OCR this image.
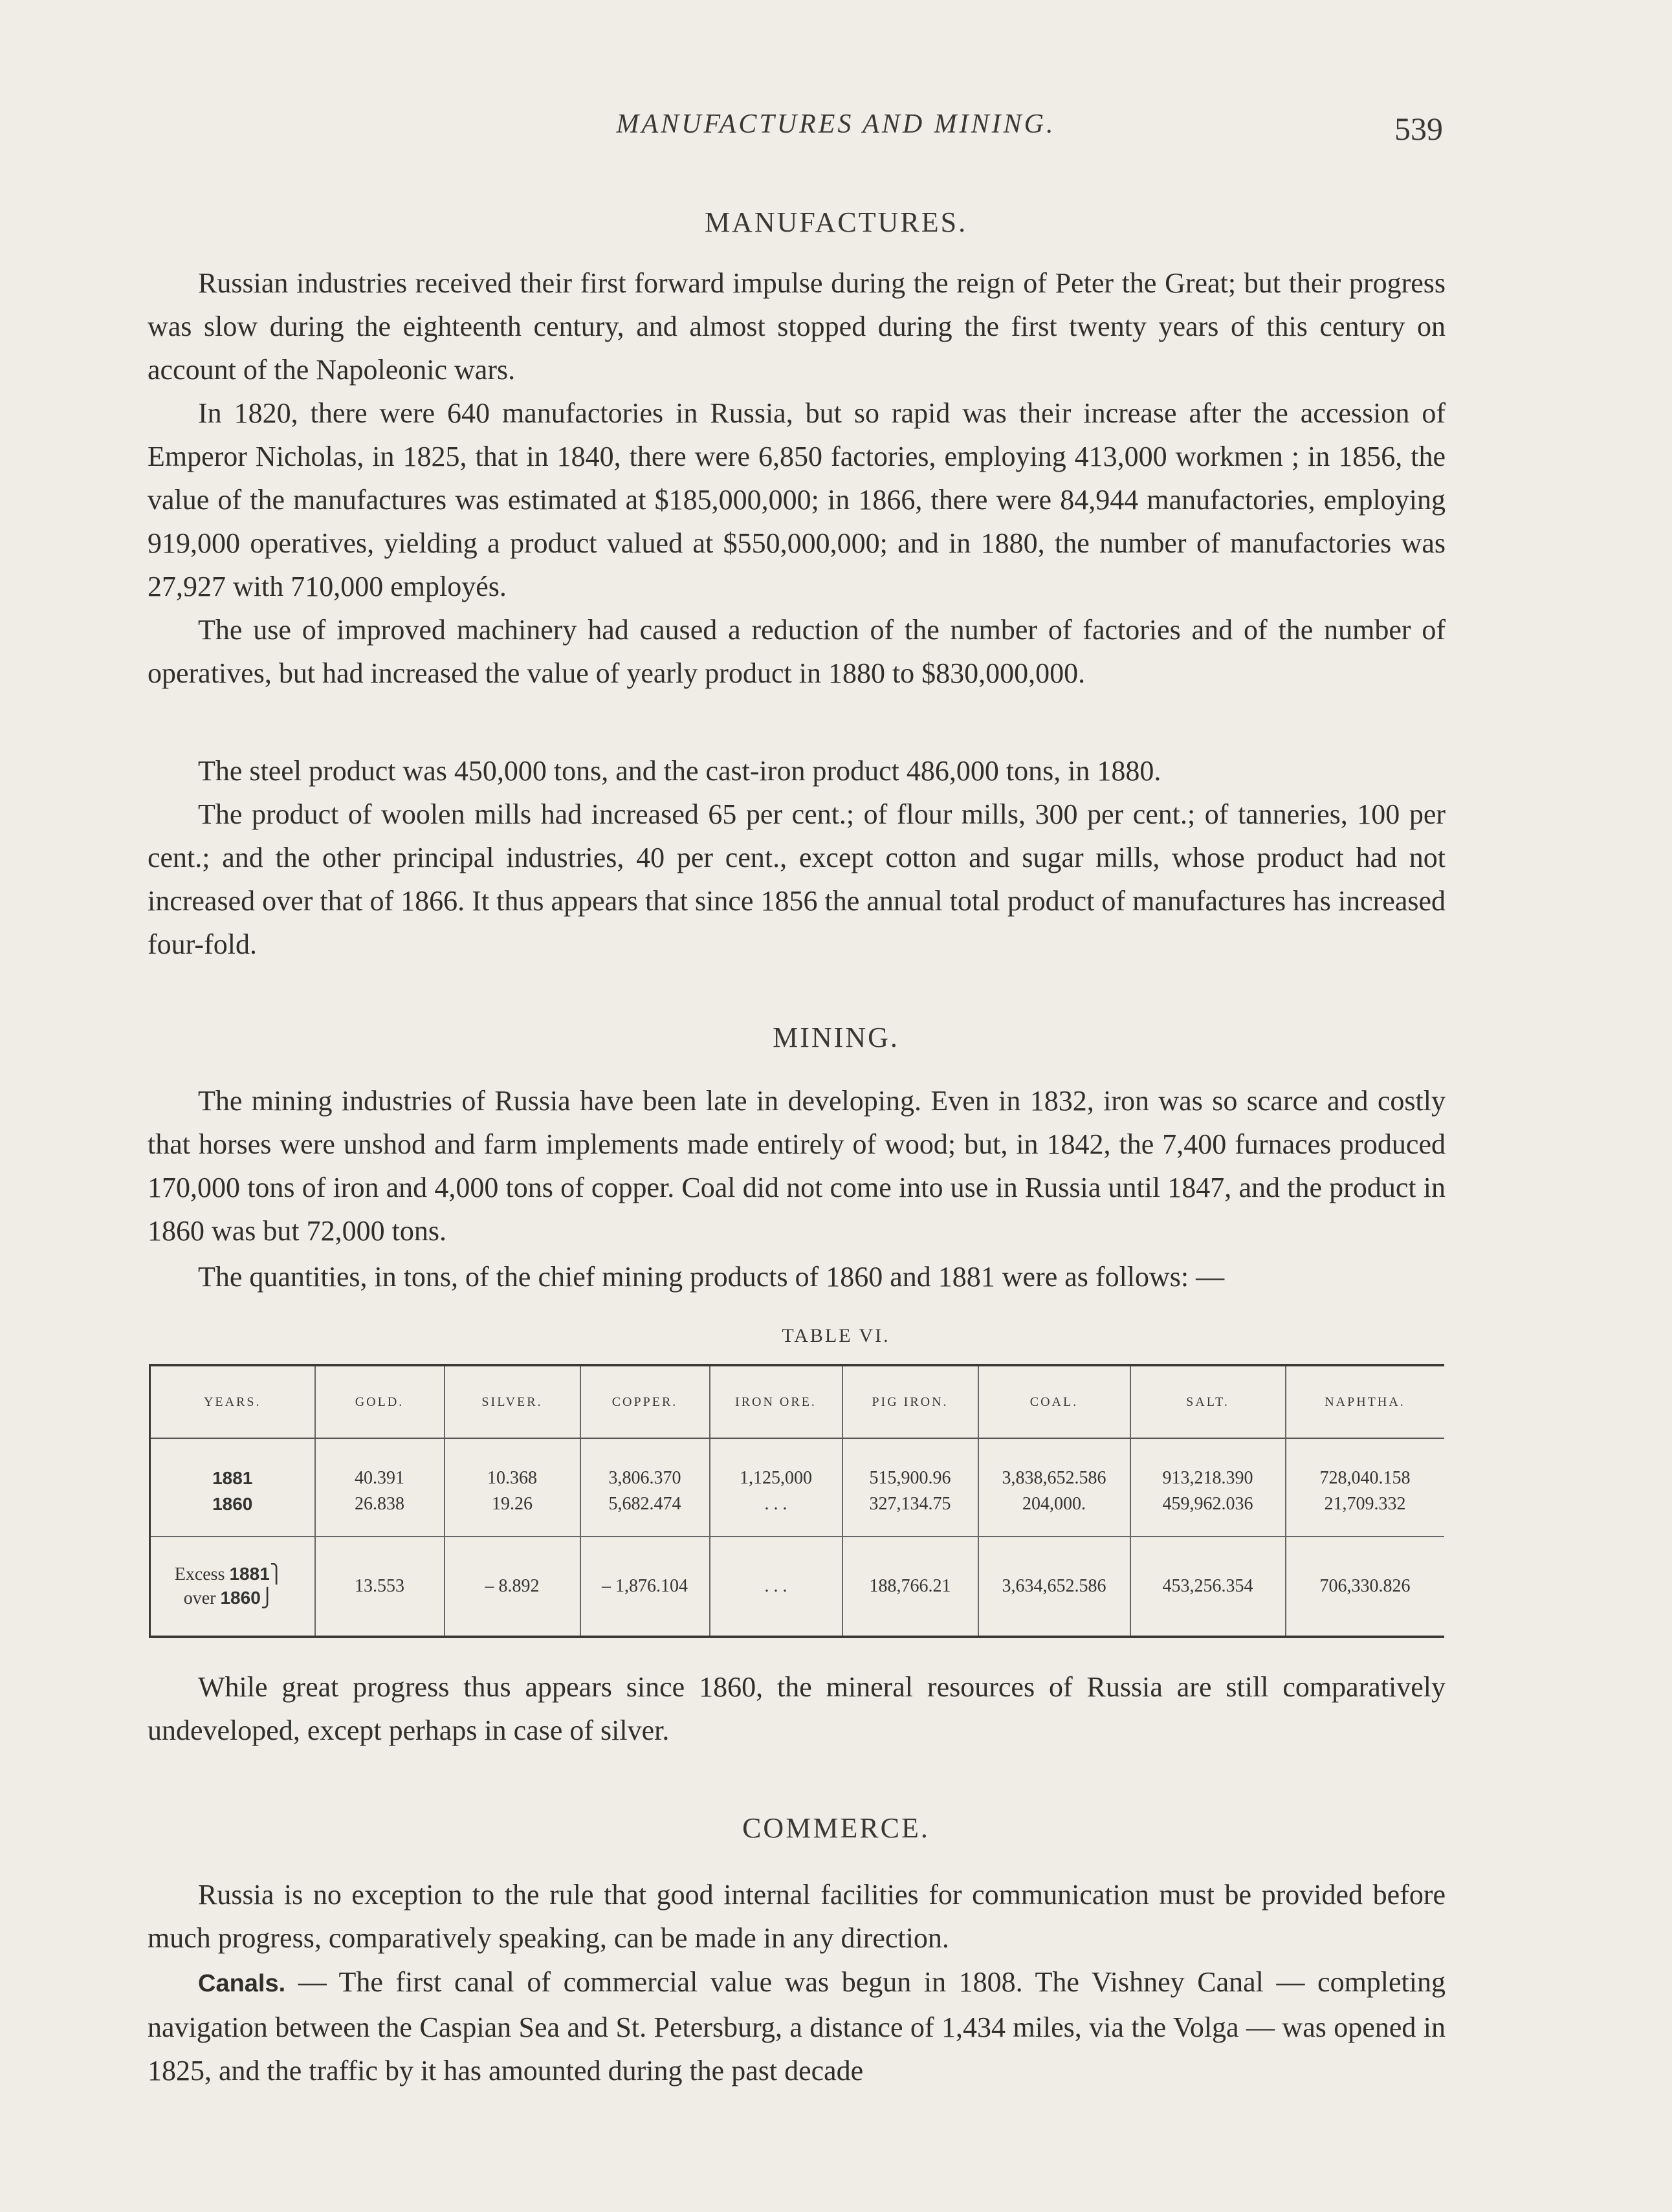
MANUFACTURES AND MINING.	539
MANUFACTURES.

Russian industries received their first forward impulse during the reign of Peter the Great; but their progress was slow during the eighteenth century, and almost stopped during the first twenty years of this century on account of the Napoleonic wars.

In 1820, there were 640 manufactories in Russia, but so rapid was their increase after the accession of Emperor Nicholas, in 1825, that in 1840, there were 6,850 factories, employing 413,000 workmen ; in 1856, the value of the manufactures was estimated at $185,000,000; in 1866, there were 84,944 manufactories, employing 919,000 operatives, yielding a product valued at $550,000,000; and in 1880, the number of manufactories was 27,927 with 710,000 employés.

The use of improved machinery had caused a reduction of the number of factories and of the number of operatives, but had increased the value of yearly product in 1880 to $830,000,000.

The steel product was 450,000 tons, and the cast-iron product 486,000 tons, in 1880.

The product of woolen mills had increased 65 per cent.; of flour mills, 300 per cent.; of tanneries, 100 per cent.; and the other principal industries, 40 per cent., except cotton and sugar mills, whose product had not increased over that of 1866. It thus appears that since 1856 the annual total product of manufactures has increased four-fold.

MINING.

The mining industries of Russia have been late in developing. Even in 1832, iron was so scarce and costly that horses were unshod and farm implements made entirely of wood; but, in 1842, the 7,400 furnaces produced 170,000 tons of iron and 4,000 tons of copper. Coal did not come into use in Russia until 1847, and the product in 1860 was but 72,000 tons.

The quantities, in tons, of the chief mining products of 1860 and 1881 were as follows: —

TABLE VI.
YEARS.	GOLD.	SILVER.	COPPER.	IRON ORE.	PIG IRON.	COAL.	SALT.	NAPHTHA.
1881	40.391	10.368	3,806.370	1,125,000	515,900.96	3,838,652.586	913,218.390	728,040.158
1860	26.838	19.26	5,682.474	. . .	327,134.75	204,000.	459,962.036	21,709.332
Excess 1881⎫
over 1860⎭	13.553	– 8.892	– 1,876.104	. . .	188,766.21	3,634,652.586	453,256.354	706,330.826

While great progress thus appears since 1860, the mineral resources of Russia are still comparatively undeveloped, except perhaps in case of silver.

COMMERCE.

Russia is no exception to the rule that good internal facilities for communication must be provided before much progress, comparatively speaking, can be made in any direction.

Canals. — The first canal of commercial value was begun in 1808. The Vishney Canal — completing navigation between the Caspian Sea and St. Petersburg, a distance of 1,434 miles, via the Volga — was opened in 1825, and the traffic by it has amounted during the past decade
